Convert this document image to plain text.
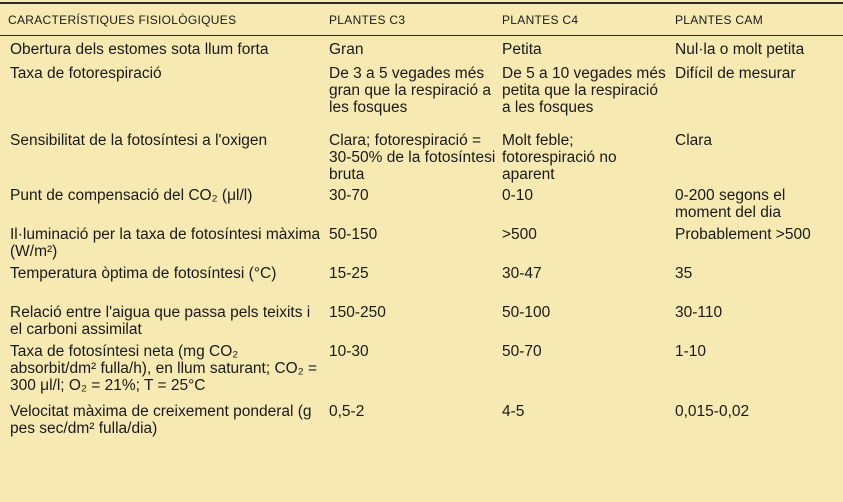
CARACTERÍSTIQUES FISIOLÒGIQUES	PLANTES C3	PLANTES C4	PLANTES CAM
Obertura dels estomes sota llum forta	Gran	Petita	Nul·la o molt petita
Taxa de fotorespiració	De 3 a 5 vegades més gran que la respiració a les fosques	De 5 a 10 vegades més petita que la respiració a les fosques	Difícil de mesurar
Sensibilitat de la fotosíntesi a l'oxigen	Clara; fotorespiració = 30-50% de la fotosíntesi bruta	Molt feble; fotorespiració no aparent	Clara
Punt de compensació del CO₂ (μl/l)	30-70	0-10	0-200 segons el moment del dia
Il·luminació per la taxa de fotosíntesi màxima (W/m²)	50-150	>500	Probablement >500
Temperatura òptima de fotosíntesi (°C)	15-25	30-47	35
Relació entre l'aigua que passa pels teixits i el carboni assimilat	150-250	50-100	30-110
Taxa de fotosíntesi neta (mg CO₂ absorbit/dm² fulla/h), en llum saturant; CO₂ = 300 μl/l; O₂ = 21%; T = 25°C	10-30	50-70	1-10
Velocitat màxima de creixement ponderal (g pes sec/dm² fulla/dia)	0,5-2	4-5	0,015-0,02
